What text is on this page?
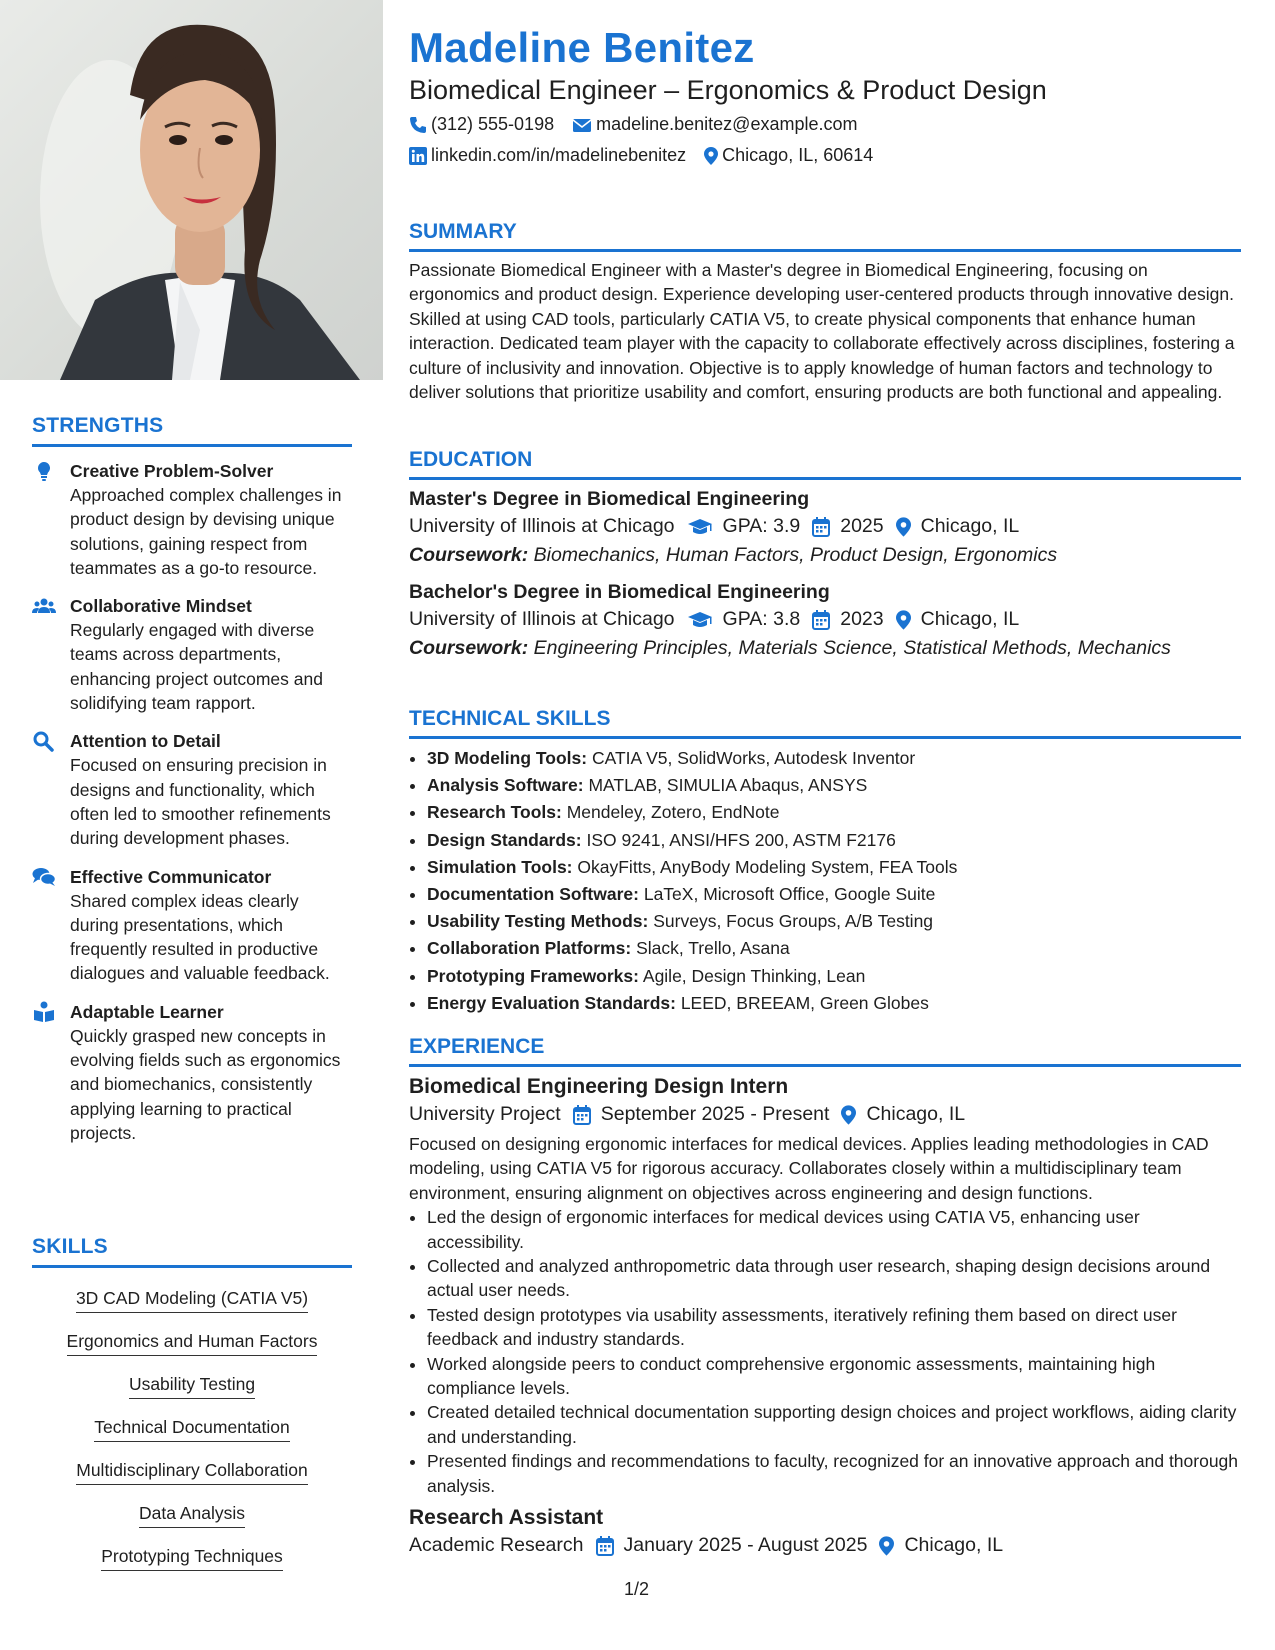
STRENGTHS
Creative Problem-Solver
Approached complex challenges in product design by devising unique solutions, gaining respect from teammates as a go-to resource.
Collaborative Mindset
Regularly engaged with diverse teams across departments, enhancing project outcomes and solidifying team rapport.
Attention to Detail
Focused on ensuring precision in designs and functionality, which often led to smoother refinements during development phases.
Effective Communicator
Shared complex ideas clearly during presentations, which frequently resulted in productive dialogues and valuable feedback.
Adaptable Learner
Quickly grasped new concepts in evolving fields such as ergonomics and biomechanics, consistently applying learning to practical projects.
SKILLS
3D CAD Modeling (CATIA V5)
Ergonomics and Human Factors
Usability Testing
Technical Documentation
Multidisciplinary Collaboration
Data Analysis
Prototyping Techniques
Madeline Benitez
Biomedical Engineer – Ergonomics & Product Design
(312) 555-0198 madeline.benitez@example.com
linkedin.com/in/madelinebenitez Chicago, IL, 60614
SUMMARY
Passionate Biomedical Engineer with a Master's degree in Biomedical Engineering, focusing on ergonomics and product design. Experience developing user-centered products through innovative design. Skilled at using CAD tools, particularly CATIA V5, to create physical components that enhance human interaction. Dedicated team player with the capacity to collaborate effectively across disciplines, fostering a culture of inclusivity and innovation. Objective is to apply knowledge of human factors and technology to deliver solutions that prioritize usability and comfort, ensuring products are both functional and appealing.
EDUCATION
Master's Degree in Biomedical Engineering
University of Illinois at Chicago GPA: 3.9 2025 Chicago, IL
Coursework: Biomechanics, Human Factors, Product Design, Ergonomics
Bachelor's Degree in Biomedical Engineering
University of Illinois at Chicago GPA: 3.8 2023 Chicago, IL
Coursework: Engineering Principles, Materials Science, Statistical Methods, Mechanics
TECHNICAL SKILLS
• 3D Modeling Tools: CATIA V5, SolidWorks, Autodesk Inventor
• Analysis Software: MATLAB, SIMULIA Abaqus, ANSYS
• Research Tools: Mendeley, Zotero, EndNote
• Design Standards: ISO 9241, ANSI/HFS 200, ASTM F2176
• Simulation Tools: OkayFitts, AnyBody Modeling System, FEA Tools
• Documentation Software: LaTeX, Microsoft Office, Google Suite
• Usability Testing Methods: Surveys, Focus Groups, A/B Testing
• Collaboration Platforms: Slack, Trello, Asana
• Prototyping Frameworks: Agile, Design Thinking, Lean
• Energy Evaluation Standards: LEED, BREEAM, Green Globes
EXPERIENCE
Biomedical Engineering Design Intern
University Project September 2025 - Present Chicago, IL
Focused on designing ergonomic interfaces for medical devices. Applies leading methodologies in CAD modeling, using CATIA V5 for rigorous accuracy. Collaborates closely within a multidisciplinary team environment, ensuring alignment on objectives across engineering and design functions.
• Led the design of ergonomic interfaces for medical devices using CATIA V5, enhancing user accessibility.
• Collected and analyzed anthropometric data through user research, shaping design decisions around actual user needs.
• Tested design prototypes via usability assessments, iteratively refining them based on direct user feedback and industry standards.
• Worked alongside peers to conduct comprehensive ergonomic assessments, maintaining high compliance levels.
• Created detailed technical documentation supporting design choices and project workflows, aiding clarity and understanding.
• Presented findings and recommendations to faculty, recognized for an innovative approach and thorough analysis.
Research Assistant
Academic Research January 2025 - August 2025 Chicago, IL
1/2
